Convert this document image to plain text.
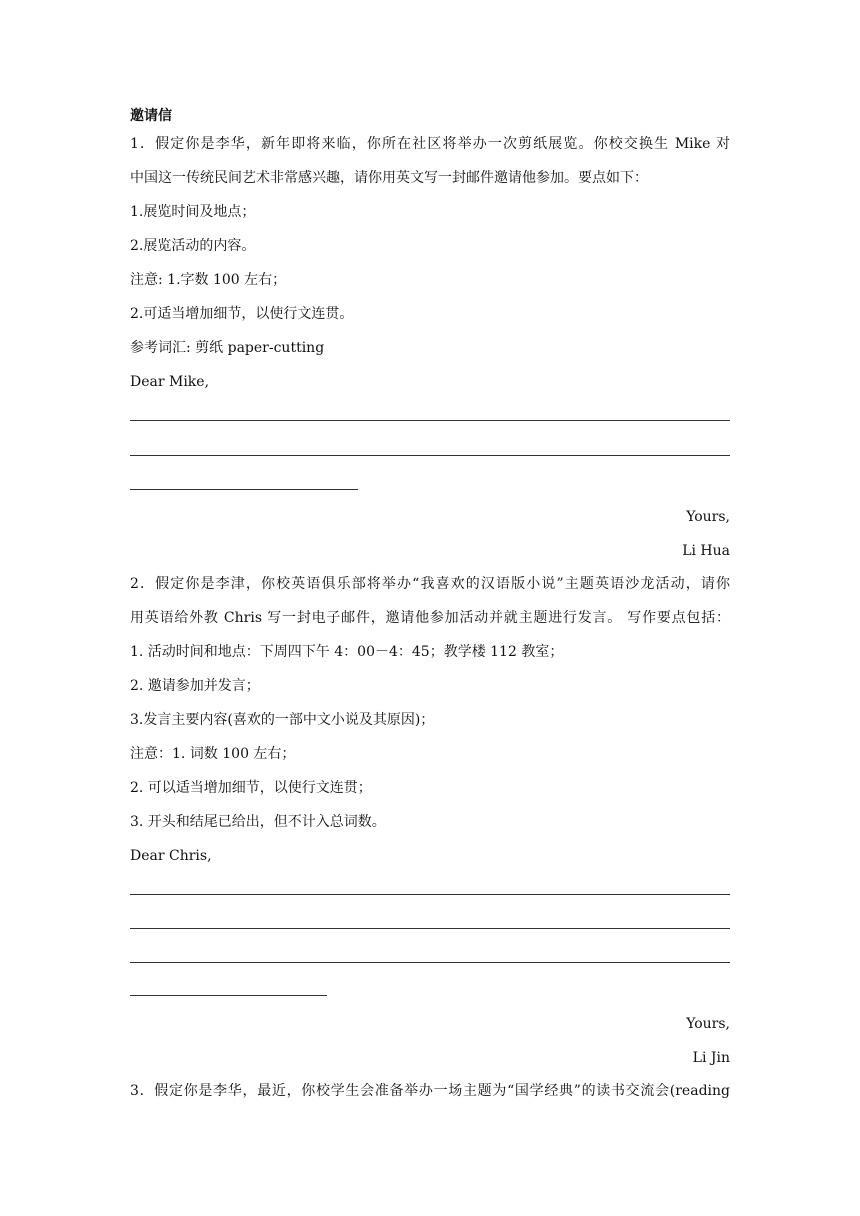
邀请信
1．假定你是李华，新年即将来临，你所在社区将举办一次剪纸展览。你校交换生 Mike 对
中国这一传统民间艺术非常感兴趣，请你用英文写一封邮件邀请他参加。要点如下：
1.展览时间及地点；
2.展览活动的内容。
注意: 1.字数 100 左右；
2.可适当增加细节，以使行文连贯。
参考词汇: 剪纸 paper-cutting
Dear Mike,
Yours,
Li Hua
2．假定你是李津，你校英语俱乐部将举办“我喜欢的汉语版小说”主题英语沙龙活动，请你
用英语给外教 Chris 写一封电子邮件，邀请他参加活动并就主题进行发言。 写作要点包括：
1. 活动时间和地点：下周四下午 4：00－4：45；教学楼 112 教室；
2. 邀请参加并发言；
3.发言主要内容(喜欢的一部中文小说及其原因)；
注意：1. 词数 100 左右；
2. 可以适当增加细节，以使行文连贯；
3. 开头和结尾已给出，但不计入总词数。
Dear Chris,
Yours,
Li Jin
3．假定你是李华，最近，你校学生会准备举办一场主题为“国学经典”的读书交流会(reading
